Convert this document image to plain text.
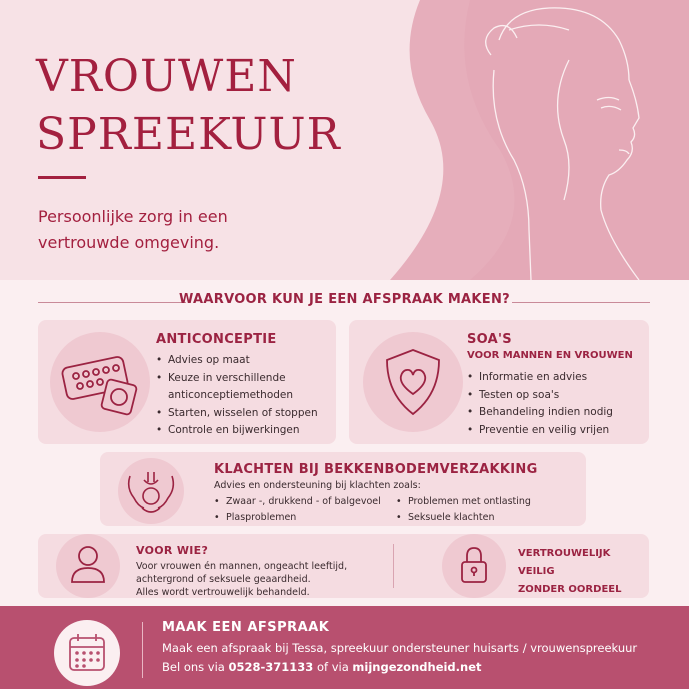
VROUWEN
SPREEKUUR
Persoonlijke zorg in een vertrouwde omgeving.
WAARVOOR KUN JE EEN AFSPRAAK MAKEN?
ANTICONCEPTIE
• Advies op maat
• Keuze in verschillende anticonceptiemethoden
• Starten, wisselen of stoppen
• Controle en bijwerkingen
SOA'S
VOOR MANNEN EN VROUWEN
• Informatie en advies
• Testen op soa's
• Behandeling indien nodig
• Preventie en veilig vrijen
KLACHTEN BIJ BEKKENBODEMVERZAKKING
Advies en ondersteuning bij klachten zoals:
• Zwaar -, drukkend - of balgevoel
• Plasproblemen
• Problemen met ontlasting
• Seksuele klachten
VOOR WIE?
Voor vrouwen én mannen, ongeacht leeftijd,
achtergrond of seksuele geaardheid.
Alles wordt vertrouwelijk behandeld.
VERTROUWELIJK
VEILIG
ZONDER OORDEEL
MAAK EEN AFSPRAAK
Maak een afspraak bij Tessa, spreekuur ondersteuner huisarts / vrouwenspreekuur
Bel ons via 0528-371133 of via mijngezondheid.net
